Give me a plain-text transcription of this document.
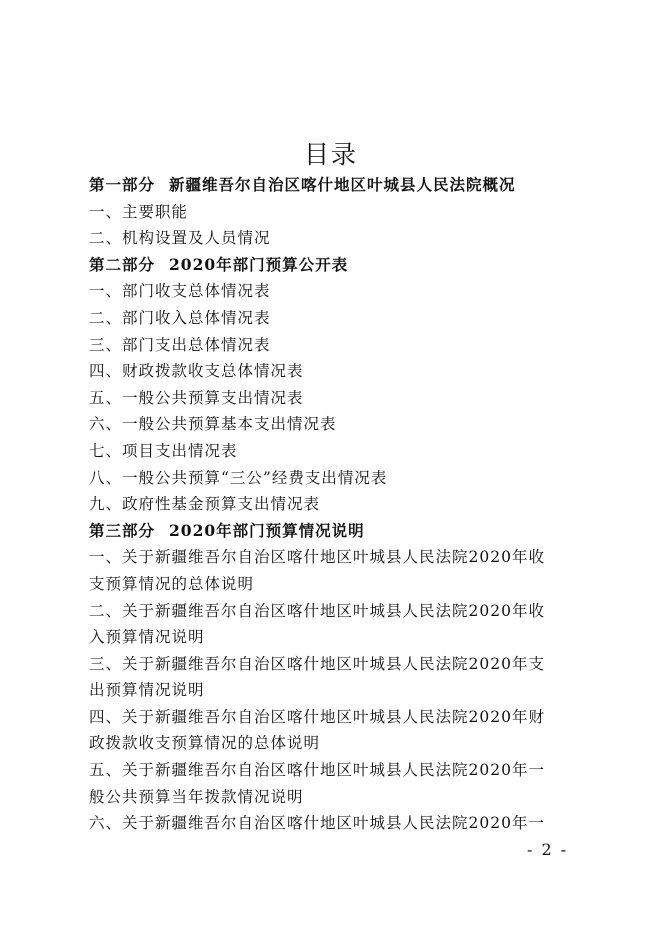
目录
第一部分 新疆维吾尔自治区喀什地区叶城县人民法院概况
一、主要职能
二、机构设置及人员情况
第二部分 2020年部门预算公开表
一、部门收支总体情况表
二、部门收入总体情况表
三、部门支出总体情况表
四、财政拨款收支总体情况表
五、一般公共预算支出情况表
六、一般公共预算基本支出情况表
七、项目支出情况表
八、一般公共预算“三公”经费支出情况表
九、政府性基金预算支出情况表
第三部分 2020年部门预算情况说明
一、关于新疆维吾尔自治区喀什地区叶城县人民法院2020年收
支预算情况的总体说明
二、关于新疆维吾尔自治区喀什地区叶城县人民法院2020年收
入预算情况说明
三、关于新疆维吾尔自治区喀什地区叶城县人民法院2020年支
出预算情况说明
四、关于新疆维吾尔自治区喀什地区叶城县人民法院2020年财
政拨款收支预算情况的总体说明
五、关于新疆维吾尔自治区喀什地区叶城县人民法院2020年一
般公共预算当年拨款情况说明
六、关于新疆维吾尔自治区喀什地区叶城县人民法院2020年一
- 2 -
